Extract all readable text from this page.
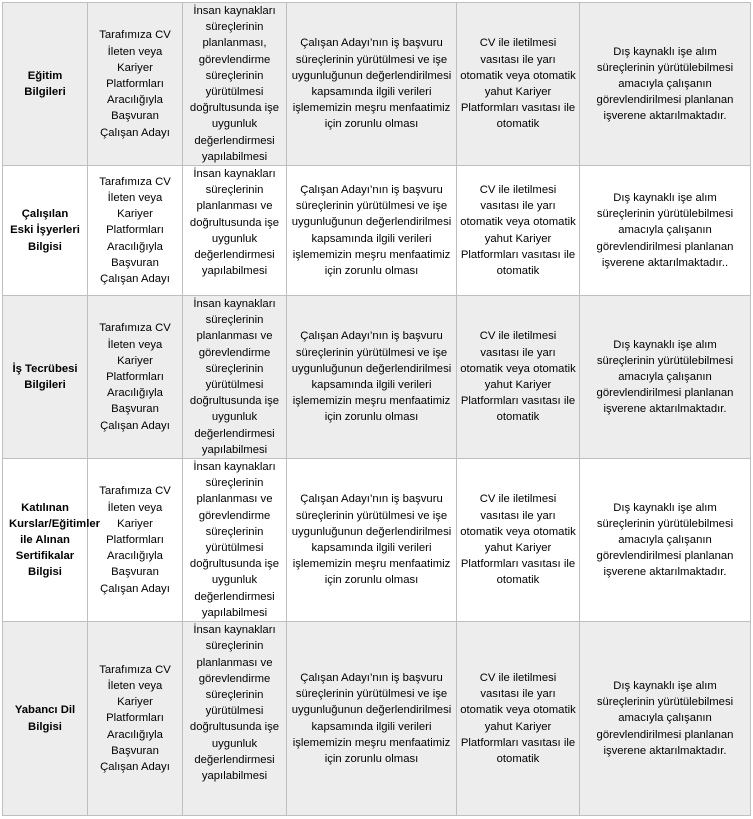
Eğitim Bilgileri	Tarafımıza CV İleten veya Kariyer Platformları Aracılığıyla Başvuran Çalışan Adayı	İnsan kaynakları süreçlerinin planlanması, görevlendirme süreçlerinin yürütülmesi doğrultusunda işe uygunluk değerlendirmesi yapılabilmesi	Çalışan Adayı’nın iş başvuru süreçlerinin yürütülmesi ve işe uygunluğunun değerlendirilmesi kapsamında ilgili verileri işlememizin meşru menfaatimiz için zorunlu olması	CV ile iletilmesi vasıtası ile yarı otomatik veya otomatik yahut Kariyer Platformları vasıtası ile otomatik	Dış kaynaklı işe alım süreçlerinin yürütülebilmesi amacıyla çalışanın görevlendirilmesi planlanan işverene aktarılmaktadır.
Çalışılan Eski İşyerleri Bilgisi	Tarafımıza CV İleten veya Kariyer Platformları Aracılığıyla Başvuran Çalışan Adayı	İnsan kaynakları süreçlerinin planlanması ve doğrultusunda işe uygunluk değerlendirmesi yapılabilmesi	Çalışan Adayı’nın iş başvuru süreçlerinin yürütülmesi ve işe uygunluğunun değerlendirilmesi kapsamında ilgili verileri işlememizin meşru menfaatimiz için zorunlu olması	CV ile iletilmesi vasıtası ile yarı otomatik veya otomatik yahut Kariyer Platformları vasıtası ile otomatik	Dış kaynaklı işe alım süreçlerinin yürütülebilmesi amacıyla çalışanın görevlendirilmesi planlanan işverene aktarılmaktadır..
İş Tecrübesi Bilgileri	Tarafımıza CV İleten veya Kariyer Platformları Aracılığıyla Başvuran Çalışan Adayı	İnsan kaynakları süreçlerinin planlanması ve görevlendirme süreçlerinin yürütülmesi doğrultusunda işe uygunluk değerlendirmesi yapılabilmesi	Çalışan Adayı’nın iş başvuru süreçlerinin yürütülmesi ve işe uygunluğunun değerlendirilmesi kapsamında ilgili verileri işlememizin meşru menfaatimiz için zorunlu olması	CV ile iletilmesi vasıtası ile yarı otomatik veya otomatik yahut Kariyer Platformları vasıtası ile otomatik	Dış kaynaklı işe alım süreçlerinin yürütülebilmesi amacıyla çalışanın görevlendirilmesi planlanan işverene aktarılmaktadır.
Katılınan Kurslar/Eğitimler ile Alınan Sertifikalar Bilgisi	Tarafımıza CV İleten veya Kariyer Platformları Aracılığıyla Başvuran Çalışan Adayı	İnsan kaynakları süreçlerinin planlanması ve görevlendirme süreçlerinin yürütülmesi doğrultusunda işe uygunluk değerlendirmesi yapılabilmesi	Çalışan Adayı’nın iş başvuru süreçlerinin yürütülmesi ve işe uygunluğunun değerlendirilmesi kapsamında ilgili verileri işlememizin meşru menfaatimiz için zorunlu olması	CV ile iletilmesi vasıtası ile yarı otomatik veya otomatik yahut Kariyer Platformları vasıtası ile otomatik	Dış kaynaklı işe alım süreçlerinin yürütülebilmesi amacıyla çalışanın görevlendirilmesi planlanan işverene aktarılmaktadır.
Yabancı Dil Bilgisi	Tarafımıza CV İleten veya Kariyer Platformları Aracılığıyla Başvuran Çalışan Adayı	İnsan kaynakları süreçlerinin planlanması ve görevlendirme süreçlerinin yürütülmesi doğrultusunda işe uygunluk değerlendirmesi yapılabilmesi	Çalışan Adayı’nın iş başvuru süreçlerinin yürütülmesi ve işe uygunluğunun değerlendirilmesi kapsamında ilgili verileri işlememizin meşru menfaatimiz için zorunlu olması	CV ile iletilmesi vasıtası ile yarı otomatik veya otomatik yahut Kariyer Platformları vasıtası ile otomatik	Dış kaynaklı işe alım süreçlerinin yürütülebilmesi amacıyla çalışanın görevlendirilmesi planlanan işverene aktarılmaktadır.
